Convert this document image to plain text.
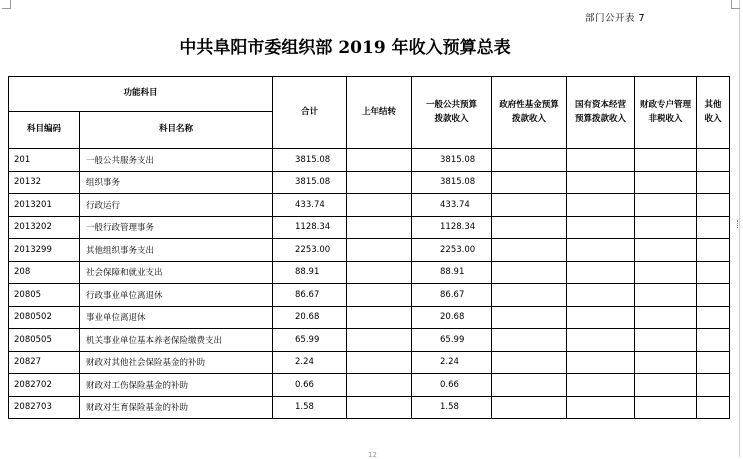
部门公开表 7
中共阜阳市委组织部 2019 年收入预算总表
功能科目		合计	上年结转	一般公共预算拨款收入	政府性基金预算拨款收入	国有资本经营预算拨款收入	财政专户管理非税收入	其他收入
科目编码	科目名称							
201	一般公共服务支出	3815.08		3815.08				
20132	组织事务	3815.08		3815.08				
2013201	行政运行	433.74		433.74				
2013202	一般行政管理事务	1128.34		1128.34				
2013299	其他组织事务支出	2253.00		2253.00				
208	社会保障和就业支出	88.91		88.91				
20805	行政事业单位离退休	86.67		86.67				
2080502	事业单位离退休	20.68		20.68				
2080505	机关事业单位基本养老保险缴费支出	65.99		65.99				
20827	财政对其他社会保险基金的补助	2.24		2.24				
2082702	财政对工伤保险基金的补助	0.66		0.66				
2082703	财政对生育保险基金的补助	1.58		1.58				
12
